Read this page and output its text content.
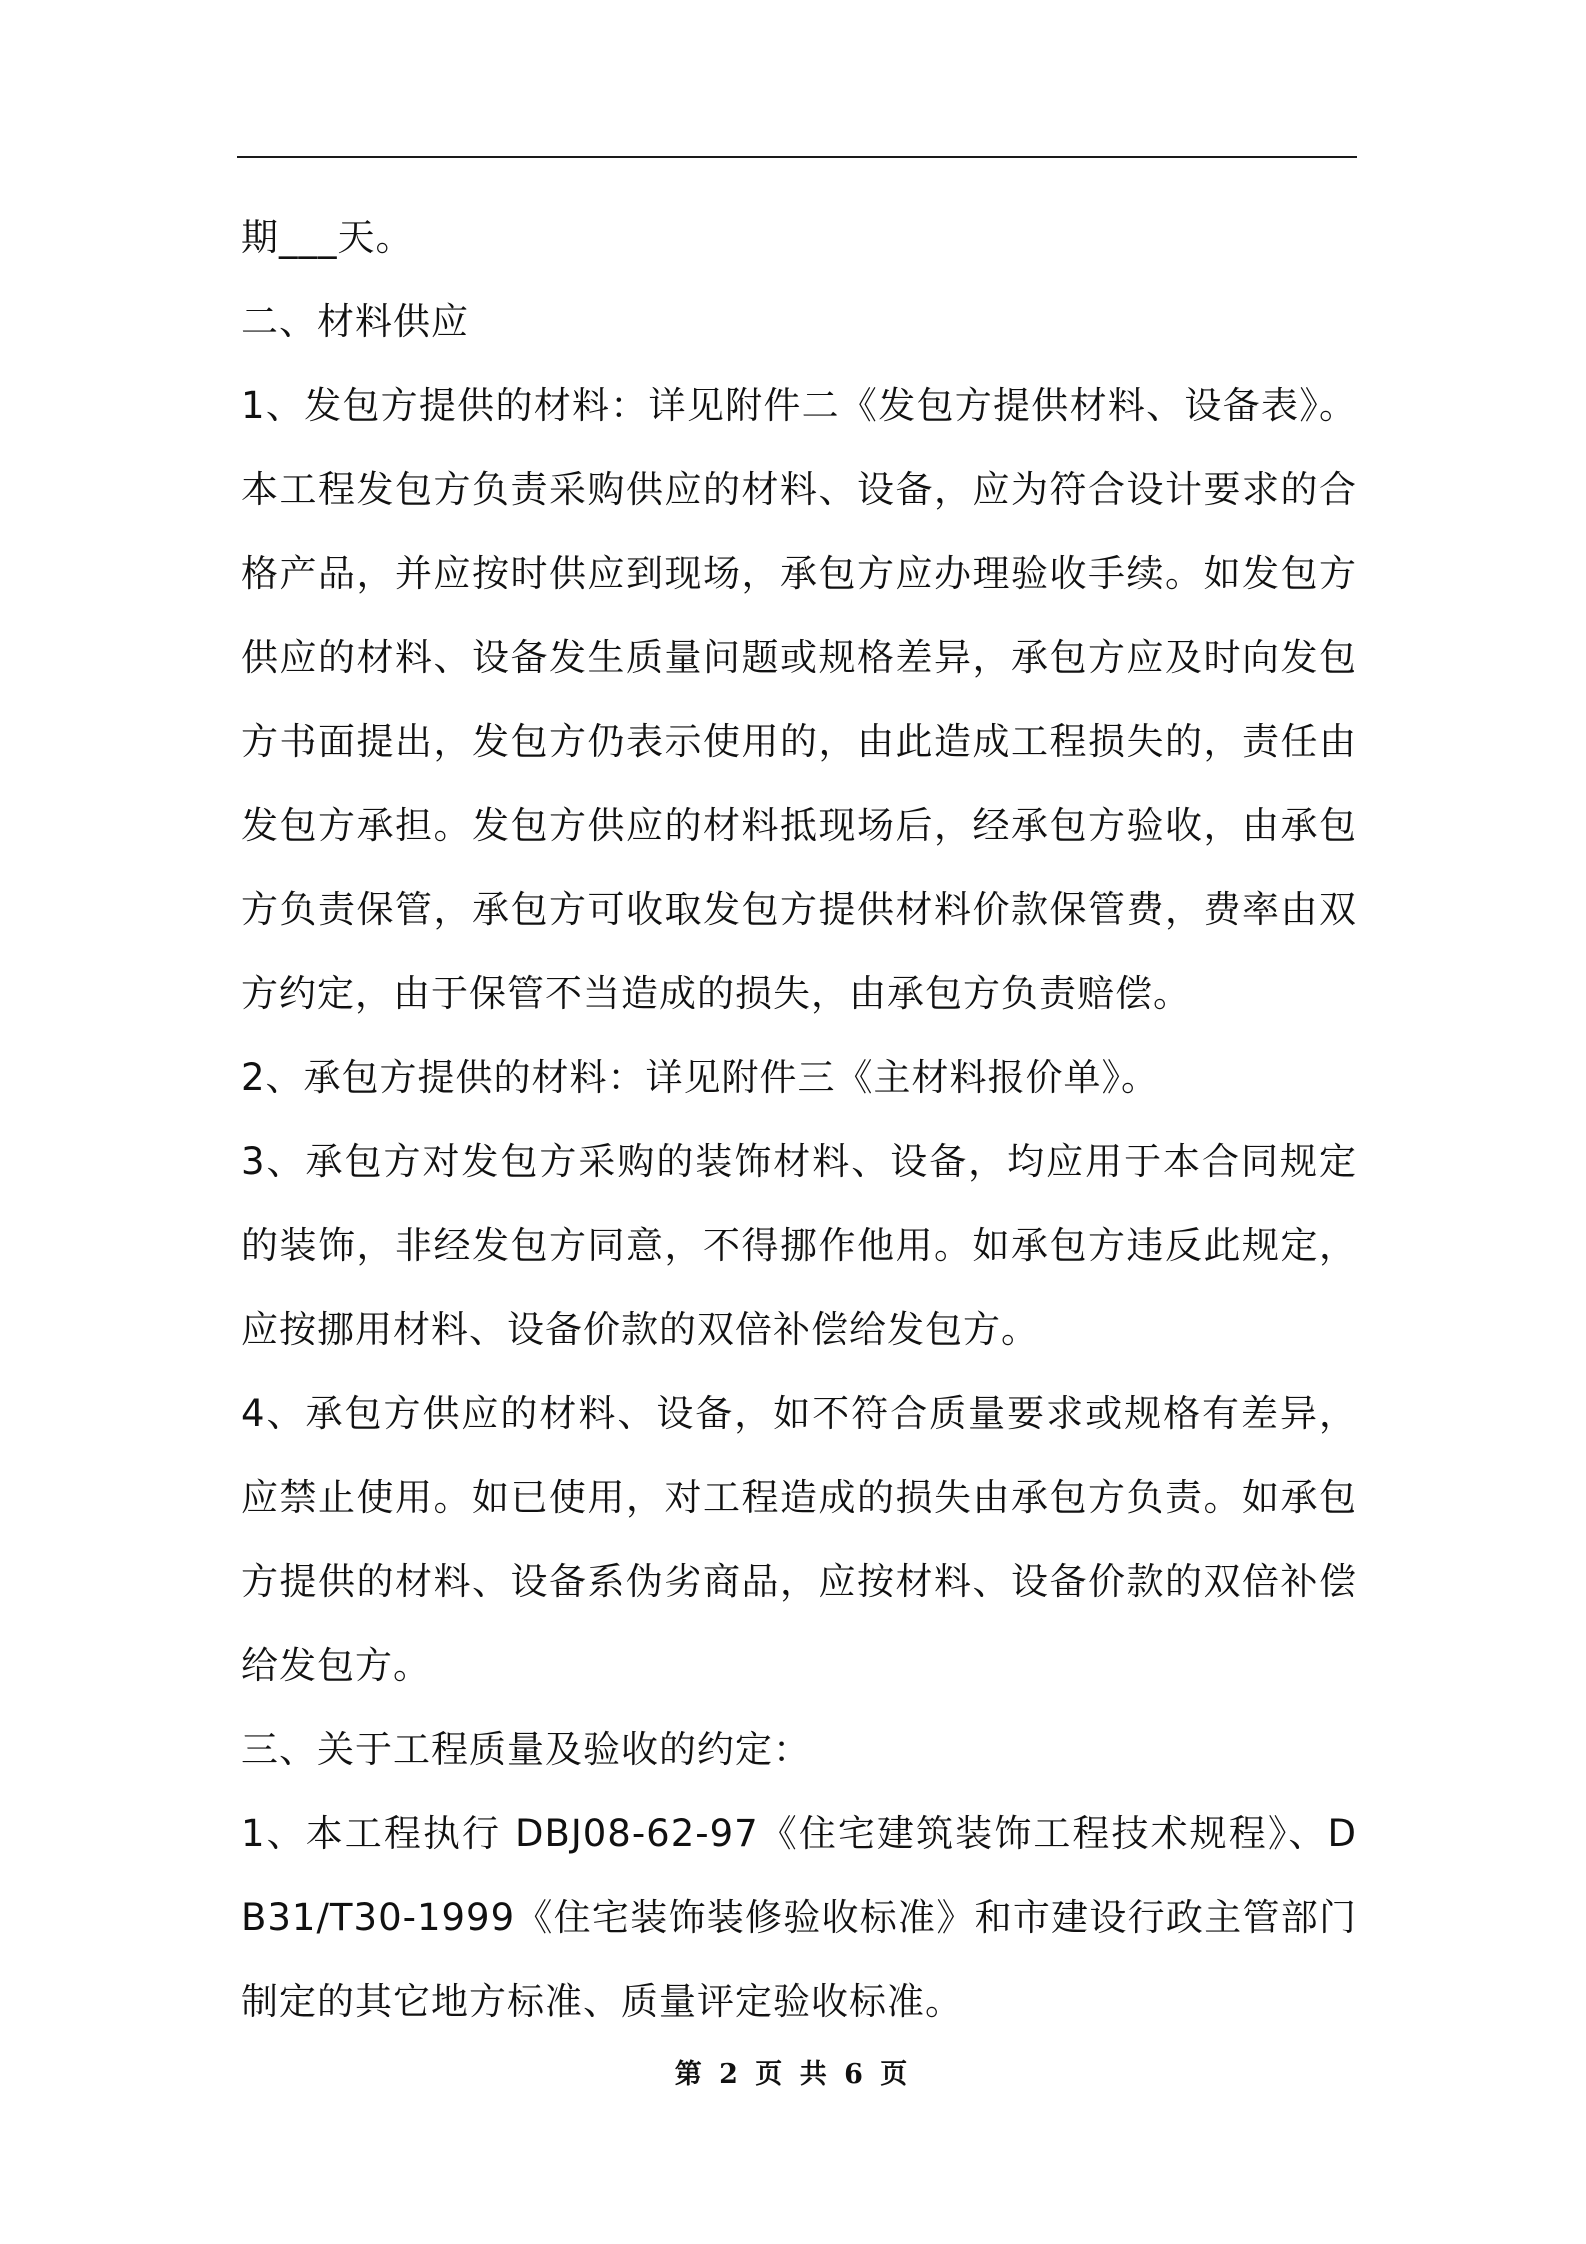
期___天。

二、材料供应

1、发包方提供的材料：详见附件二《发包方提供材料、设备表》。本工程发包方负责采购供应的材料、设备，应为符合设计要求的合格产品，并应按时供应到现场，承包方应办理验收手续。如发包方供应的材料、设备发生质量问题或规格差异，承包方应及时向发包方书面提出，发包方仍表示使用的，由此造成工程损失的，责任由发包方承担。发包方供应的材料抵现场后，经承包方验收，由承包方负责保管，承包方可收取发包方提供材料价款保管费，费率由双方约定，由于保管不当造成的损失，由承包方负责赔偿。

2、承包方提供的材料：详见附件三《主材料报价单》。

3、承包方对发包方采购的装饰材料、设备，均应用于本合同规定的装饰，非经发包方同意，不得挪作他用。如承包方违反此规定，应按挪用材料、设备价款的双倍补偿给发包方。

4、承包方供应的材料、设备，如不符合质量要求或规格有差异，应禁止使用。如已使用，对工程造成的损失由承包方负责。如承包方提供的材料、设备系伪劣商品，应按材料、设备价款的双倍补偿给发包方。

三、关于工程质量及验收的约定：

1、本工程执行 DBJ08-62-97《住宅建筑装饰工程技术规程》、DB31/T30-1999《住宅装饰装修验收标准》和市建设行政主管部门制定的其它地方标准、质量评定验收标准。

第 2 页 共 6 页
